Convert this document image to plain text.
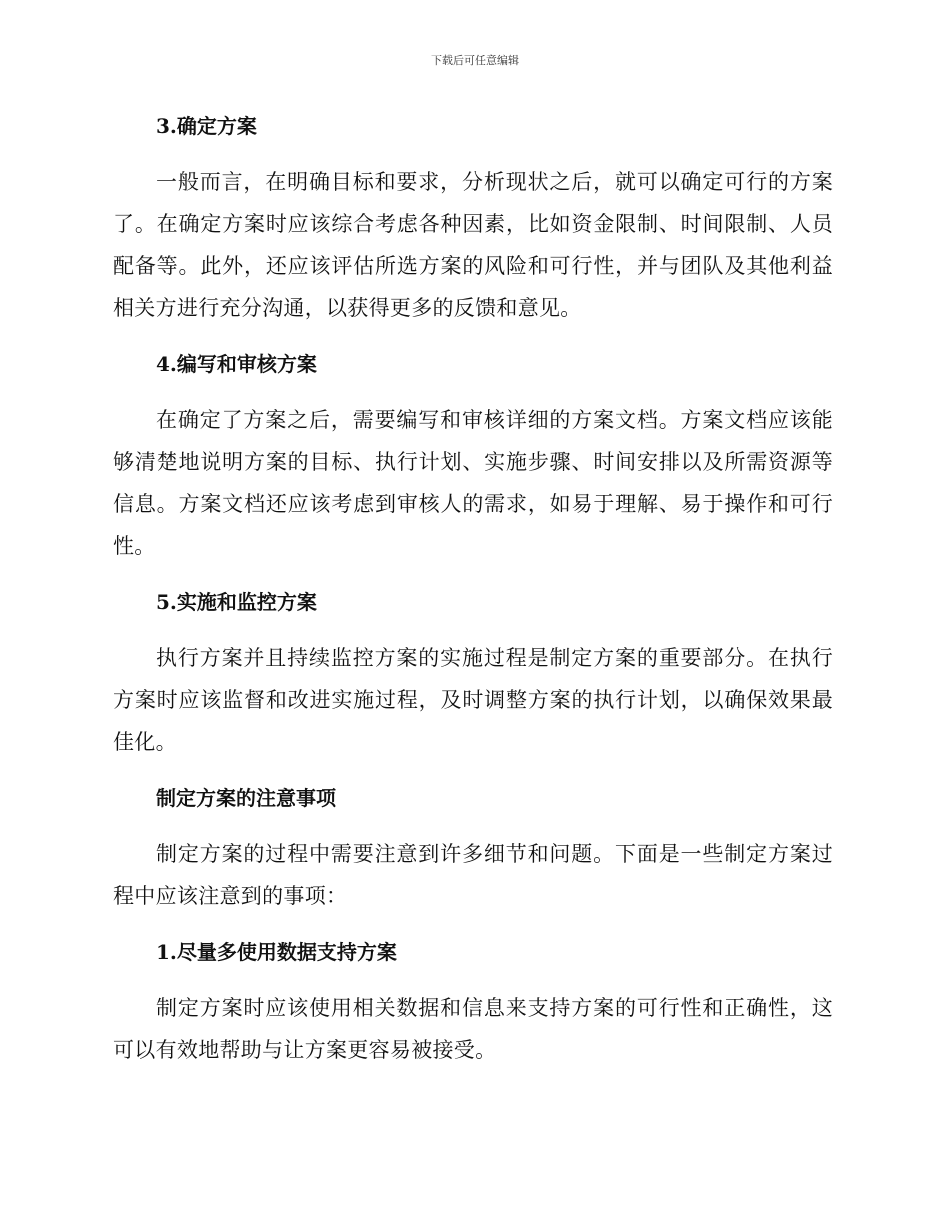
下载后可任意编辑
3.确定方案

一般而言，在明确目标和要求，分析现状之后，就可以确定可行的方案了。在确定方案时应该综合考虑各种因素，比如资金限制、时间限制、人员配备等。此外，还应该评估所选方案的风险和可行性，并与团队及其他利益相关方进行充分沟通，以获得更多的反馈和意见。

4.编写和审核方案

在确定了方案之后，需要编写和审核详细的方案文档。方案文档应该能够清楚地说明方案的目标、执行计划、实施步骤、时间安排以及所需资源等信息。方案文档还应该考虑到审核人的需求，如易于理解、易于操作和可行性。

5.实施和监控方案

执行方案并且持续监控方案的实施过程是制定方案的重要部分。在执行方案时应该监督和改进实施过程，及时调整方案的执行计划，以确保效果最佳化。

制定方案的注意事项

制定方案的过程中需要注意到许多细节和问题。下面是一些制定方案过程中应该注意到的事项：

1.尽量多使用数据支持方案

制定方案时应该使用相关数据和信息来支持方案的可行性和正确性，这可以有效地帮助与让方案更容易被接受。
